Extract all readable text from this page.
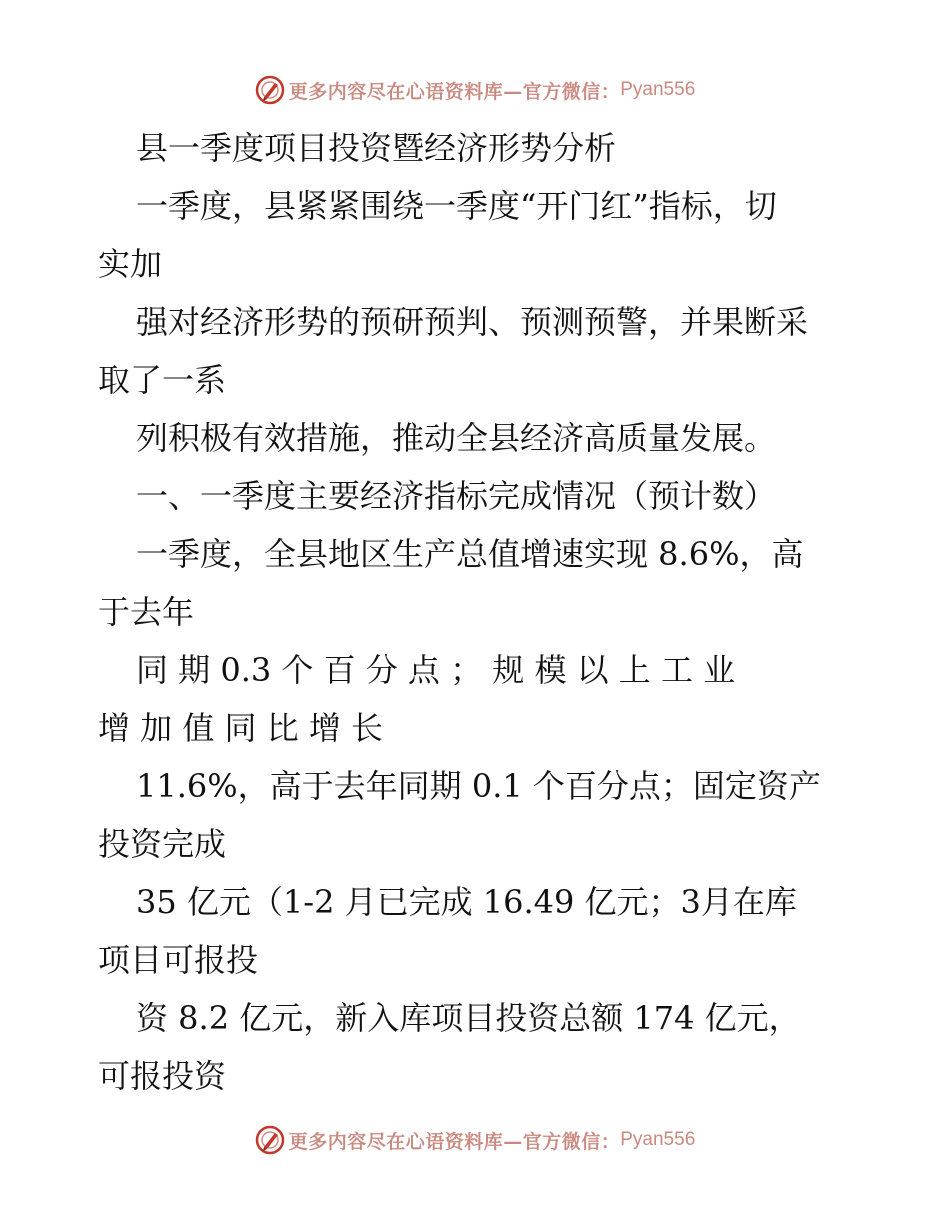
更多内容尽在心语资料库—官方微信： Pyan556
县一季度项目投资暨经济形势分析
一季度，县紧紧围绕一季度“开门红”指标，切
实加
强对经济形势的预研预判、预测预警，并果断采
取了一系
列积极有效措施，推动全县经济高质量发展。
一、一季度主要经济指标完成情况（预计数）
一季度，全县地区生产总值增速实现 8.6%，高
于去年
同 期 0.3 个 百 分 点 ； 规 模 以 上 工 业
增 加 值 同 比 增 长
11.6%，高于去年同期 0.1 个百分点；固定资产
投资完成
35 亿元（1-2 月已完成 16.49 亿元；3月在库
项目可报投
资 8.2 亿元，新入库项目投资总额 174 亿元，
可报投资
更多内容尽在心语资料库—官方微信： Pyan556
